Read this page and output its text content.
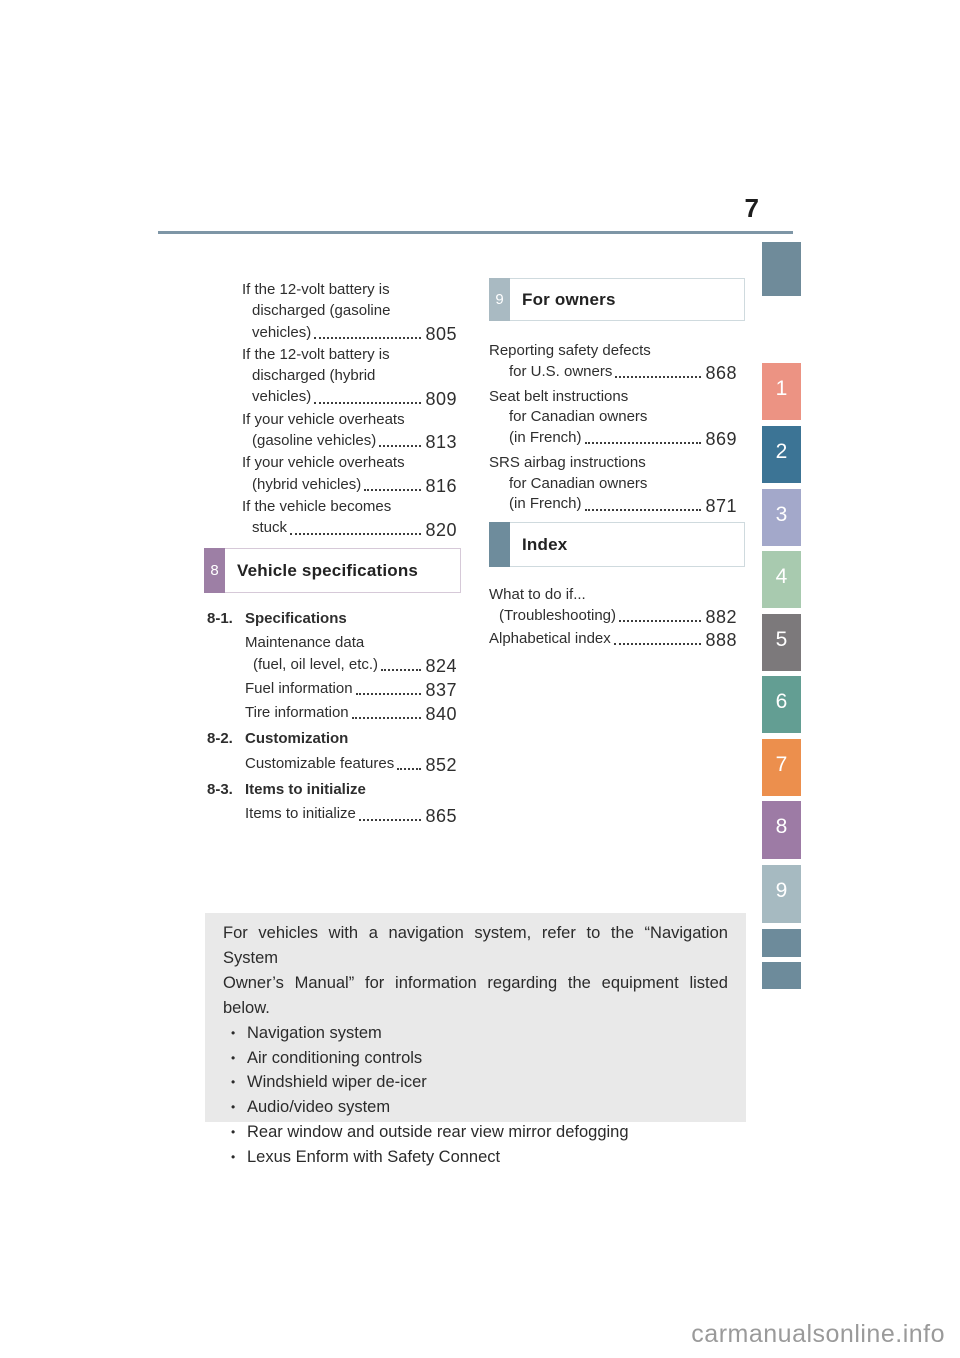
7
If the 12-volt battery is
discharged (gasoline
vehicles)	805
If the 12-volt battery is
discharged (hybrid
vehicles)	809
If your vehicle overheats
(gasoline vehicles)	813
If your vehicle overheats
(hybrid vehicles)	816
If the vehicle becomes
stuck	820
8	Vehicle specifications
8-1. Specifications
Maintenance data
(fuel, oil level, etc.)	824
Fuel information	837
Tire information	840
8-2. Customization
Customizable features 852
8-3. Items to initialize
Items to initialize	865
9	For owners
Reporting safety defects
for U.S. owners	868
Seat belt instructions
for Canadian owners
(in French)	869
SRS airbag instructions
for Canadian owners
(in French)	871
Index
What to do if...
(Troubleshooting)	882
Alphabetical index	888
For vehicles with a navigation system, refer to the “Navigation System
Owner’s Manual” for information regarding the equipment listed below.
• Navigation system
• Air conditioning controls
• Windshield wiper de-icer
• Audio/video system
• Rear window and outside rear view mirror defogging
• Lexus Enform with Safety Connect
1
2
3
4
5
6
7
8
9
carmanualsonline.info
